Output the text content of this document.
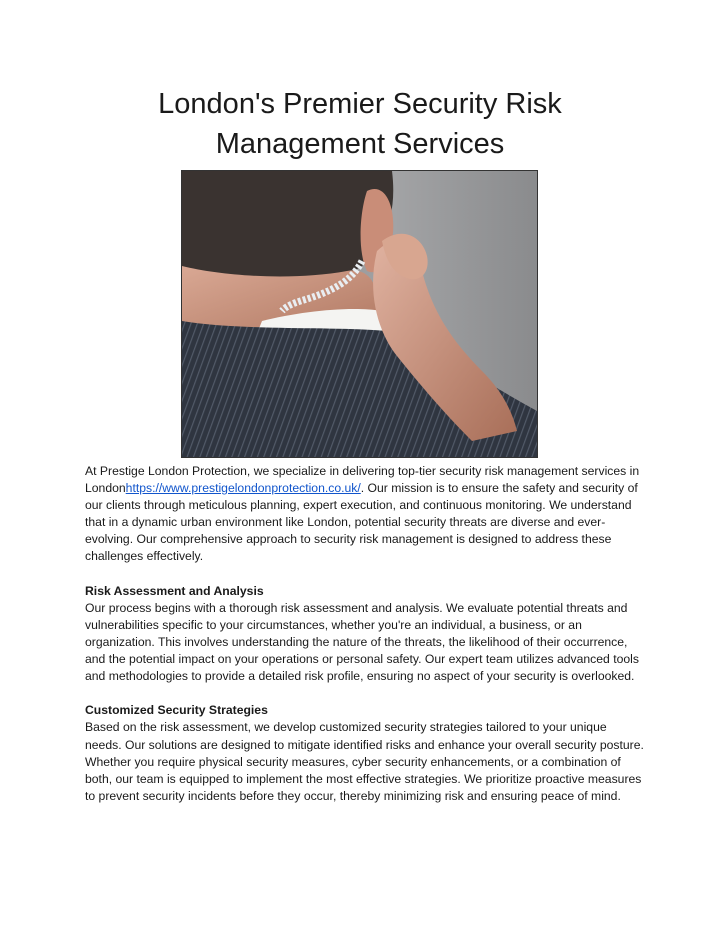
London's Premier Security Risk
Management Services

At Prestige London Protection, we specialize in delivering top-tier security risk management services in Londonhttps://www.prestigelondonprotection.co.uk/. Our mission is to ensure the safety and security of our clients through meticulous planning, expert execution, and continuous monitoring. We understand that in a dynamic urban environment like London, potential security threats are diverse and ever-evolving. Our comprehensive approach to security risk management is designed to address these challenges effectively.

Risk Assessment and Analysis

Our process begins with a thorough risk assessment and analysis. We evaluate potential threats and vulnerabilities specific to your circumstances, whether you're an individual, a business, or an organization. This involves understanding the nature of the threats, the likelihood of their occurrence, and the potential impact on your operations or personal safety. Our expert team utilizes advanced tools and methodologies to provide a detailed risk profile, ensuring no aspect of your security is overlooked.

Customized Security Strategies

Based on the risk assessment, we develop customized security strategies tailored to your unique needs. Our solutions are designed to mitigate identified risks and enhance your overall security posture. Whether you require physical security measures, cyber security enhancements, or a combination of both, our team is equipped to implement the most effective strategies. We prioritize proactive measures to prevent security incidents before they occur, thereby minimizing risk and ensuring peace of mind.
